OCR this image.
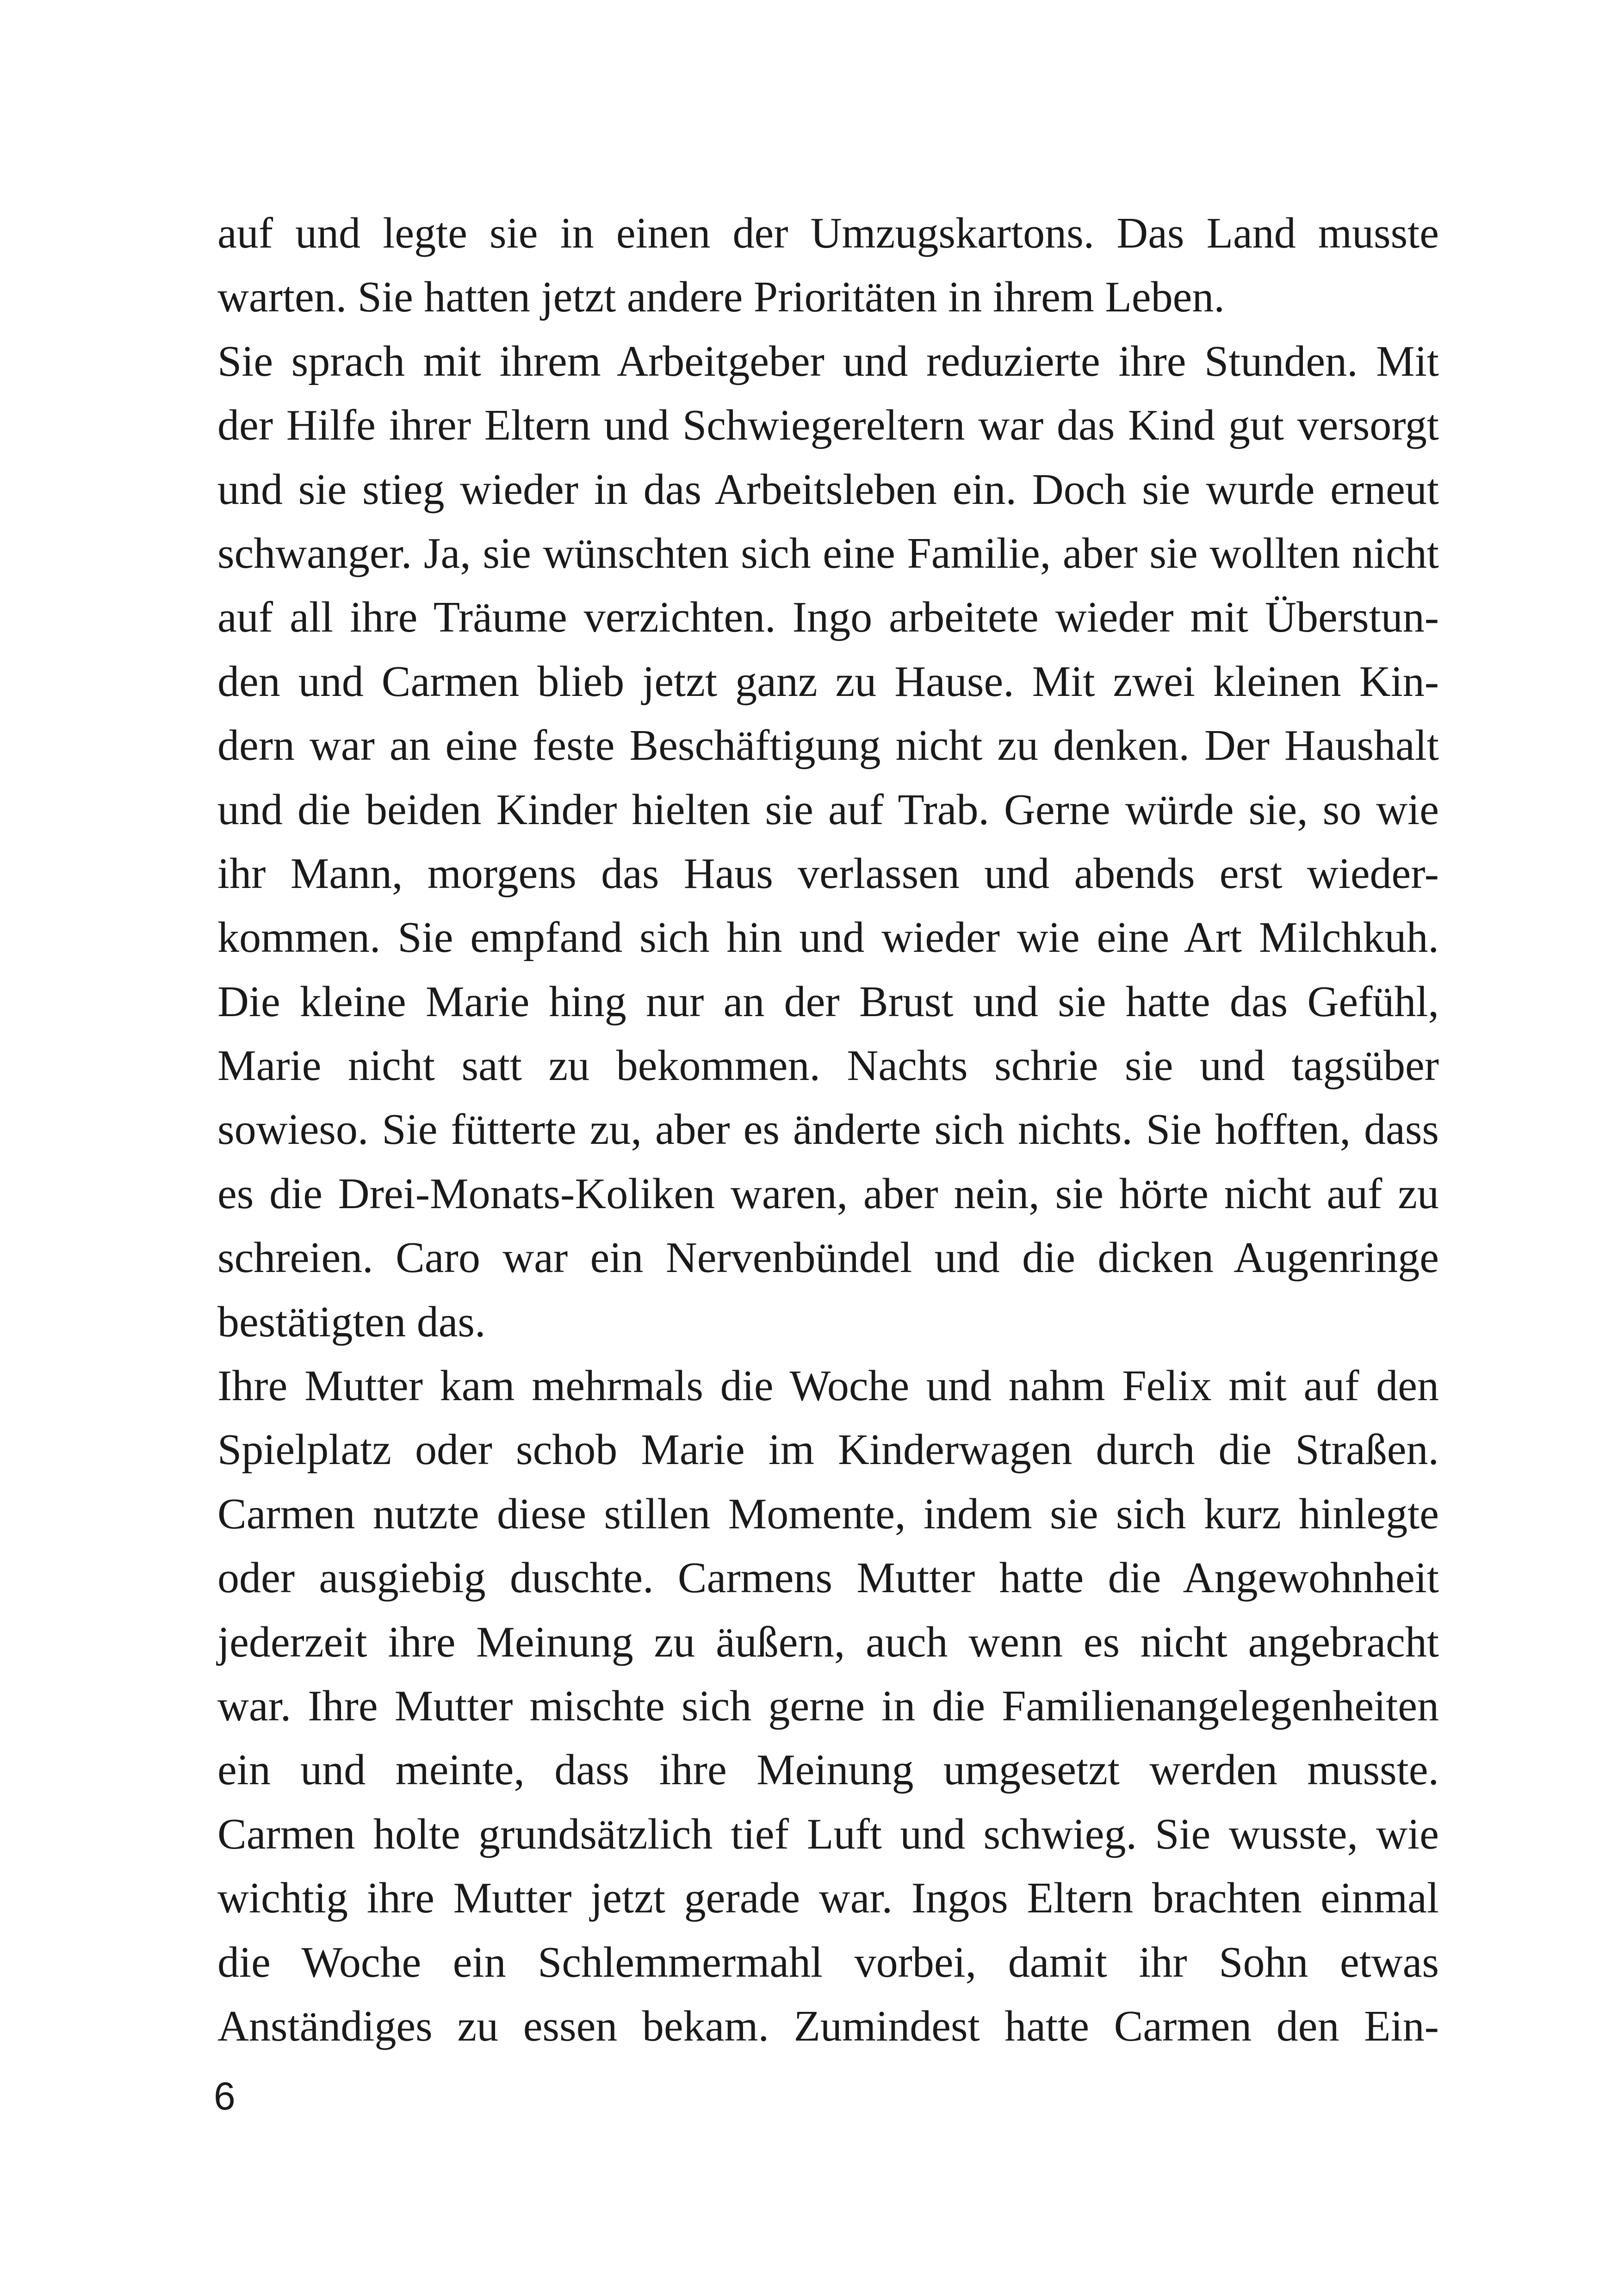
auf und legte sie in einen der Umzugskartons. Das Land musste
warten. Sie hatten jetzt andere Prioritäten in ihrem Leben.
Sie sprach mit ihrem Arbeitgeber und reduzierte ihre Stunden. Mit
der Hilfe ihrer Eltern und Schwiegereltern war das Kind gut versorgt
und sie stieg wieder in das Arbeitsleben ein. Doch sie wurde erneut
schwanger. Ja, sie wünschten sich eine Familie, aber sie wollten nicht
auf all ihre Träume verzichten. Ingo arbeitete wieder mit Überstun-
den und Carmen blieb jetzt ganz zu Hause. Mit zwei kleinen Kin-
dern war an eine feste Beschäftigung nicht zu denken. Der Haushalt
und die beiden Kinder hielten sie auf Trab. Gerne würde sie, so wie
ihr Mann, morgens das Haus verlassen und abends erst wieder-
kommen. Sie empfand sich hin und wieder wie eine Art Milchkuh.
Die kleine Marie hing nur an der Brust und sie hatte das Gefühl,
Marie nicht satt zu bekommen. Nachts schrie sie und tagsüber
sowieso. Sie fütterte zu, aber es änderte sich nichts. Sie hofften, dass
es die Drei-Monats-Koliken waren, aber nein, sie hörte nicht auf zu
schreien. Caro war ein Nervenbündel und die dicken Augenringe
bestätigten das.
Ihre Mutter kam mehrmals die Woche und nahm Felix mit auf den
Spielplatz oder schob Marie im Kinderwagen durch die Straßen.
Carmen nutzte diese stillen Momente, indem sie sich kurz hinlegte
oder ausgiebig duschte. Carmens Mutter hatte die Angewohnheit
jederzeit ihre Meinung zu äußern, auch wenn es nicht angebracht
war. Ihre Mutter mischte sich gerne in die Familienangelegenheiten
ein und meinte, dass ihre Meinung umgesetzt werden musste.
Carmen holte grundsätzlich tief Luft und schwieg. Sie wusste, wie
wichtig ihre Mutter jetzt gerade war. Ingos Eltern brachten einmal
die Woche ein Schlemmermahl vorbei, damit ihr Sohn etwas
Anständiges zu essen bekam. Zumindest hatte Carmen den Ein-
6
